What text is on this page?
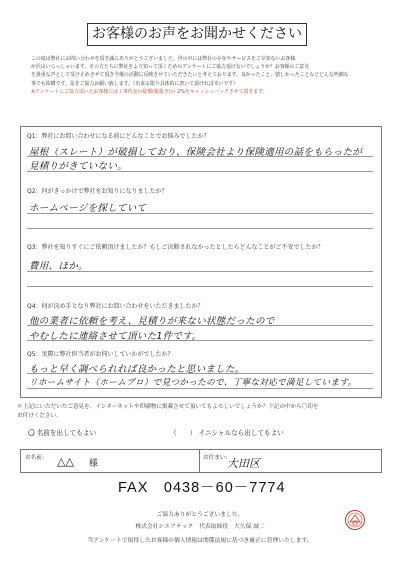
お客様のお声をお聞かせください
この度は弊社にお問い合わせを頂き誠にありがとうございました。世の中には弊社の存在やサービスをご存知ないお客様
が沢山いらっしゃいます。その方たちに弊社をより知って頂くためのアンケートにご協力頂けないでしょうか？お客様のご意見
を貴重な声として受け止めさせて頂き今後の活動に反映させていただきたいと考えております。良かったこと、嬉しかったことなどどんな些細な
事でも結構です。是非ご協力お願い致します。（出来る限り具体的に書いて頂ければ幸いです）
※アンケートにご協力頂いたお客様には工事代金の総額(税抜き)の 2%をキャッシュバックさせて頂きます。
Q1：弊社にお問い合わせになる前にどんなことでお悩みでしたか？
屋根（スレート）が破損しており、保険会社より保険適用の話をもらったが
見積りがきていない。
Q2：何がきっかけで弊社をお知りになりましたか？
ホームページを探していて
Q3：弊社を知りすぐにご依頼頂けましたか？もしご決断されなかったとしたらどんなことがご不安でしたか？
費用、ほか。
Q4：何が決め手となり弊社にお問い合わせをいただきましたか？
他の業者に依頼を考え、見積りが来ない状態だったので
やむしたに連絡させて頂いた1件です。
Q5：実際に弊社担当者がお伺いしていかがでしたか？
もっと早く調べられれば良かったと思いました。
リホームサイト（ホームプロ）で見つかったので、丁寧な対応で満足しています。
＊上記にいただいたご意見を、インターネットや印刷物に掲載させて頂いてもよろしいでしょうか？下記の中から〇印を
お付けください。
〇 名前を出してもよい	（　　） イニシャルなら出してもよい
お名前： △△ 様
お住まい：
大田区
FAX　0438－60－7774
ご協力ありがとうございました。
株式会社シエアテック　代表取締役　大久保 誠二
当アンケートで取得したお客様の個人情報は関係法規に基づき厳正に管理いたします。
